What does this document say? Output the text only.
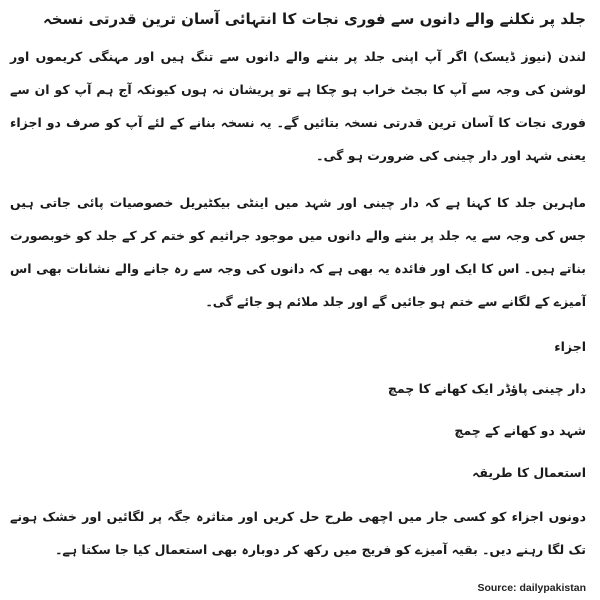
جلد پر نکلنے والے دانوں سے فوری نجات کا انتہائی آسان ترین قدرتی نسخہ

لندن (نیوز ڈیسک) اگر آپ اپنی جلد پر بننے والے دانوں سے تنگ ہیں اور مہنگی کریموں اور لوشن کی وجہ سے آپ کا بجٹ خراب ہو چکا ہے تو پریشان نہ ہوں کیونکہ آج ہم آپ کو ان سے فوری نجات کا آسان ترین قدرتی نسخہ بتائیں گے۔ یہ نسخہ بنانے کے لئے آپ کو صرف دو اجزاء یعنی شہد اور دار چینی کی ضرورت ہو گی۔

ماہرین جلد کا کہنا ہے کہ دار چینی اور شہد میں اینٹی بیکٹیریل خصوصیات پائی جاتی ہیں جس کی وجہ سے یہ جلد پر بننے والے دانوں میں موجود جراثیم کو ختم کر کے جلد کو خوبصورت بناتے ہیں۔ اس کا ایک اور فائدہ یہ بھی ہے کہ دانوں کی وجہ سے رہ جانے والے نشانات بھی اس آمیزے کے لگانے سے ختم ہو جائیں گے اور جلد ملائم ہو جائے گی۔

اجزاء
دار چینی پاؤڈر ایک کھانے کا چمچ
شہد دو کھانے کے چمچ
استعمال کا طریقہ

دونوں اجزاء کو کسی جار میں اچھی طرح حل کریں اور متاثرہ جگہ پر لگائیں اور خشک ہونے تک لگا رہنے دیں۔ بقیہ آمیزے کو فریج میں رکھ کر دوبارہ بھی استعمال کیا جا سکتا ہے۔

Source: dailypakistan
